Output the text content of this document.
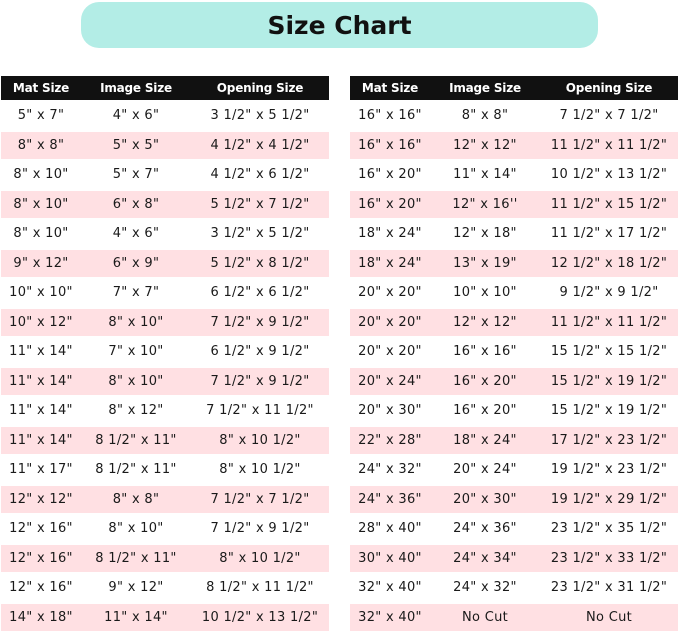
Size Chart
Mat Size	Image Size	Opening Size
5" x 7"	4" x 6"	3 1/2" x 5 1/2"
8" x 8"	5" x 5"	4 1/2" x 4 1/2"
8" x 10"	5" x 7"	4 1/2" x 6 1/2"
8" x 10"	6" x 8"	5 1/2" x 7 1/2"
8" x 10"	4" x 6"	3 1/2" x 5 1/2"
9" x 12"	6" x 9"	5 1/2" x 8 1/2"
10" x 10"	7" x 7"	6 1/2" x 6 1/2"
10" x 12"	8" x 10"	7 1/2" x 9 1/2"
11" x 14"	7" x 10"	6 1/2" x 9 1/2"
11" x 14"	8" x 10"	7 1/2" x 9 1/2"
11" x 14"	8" x 12"	7 1/2" x 11 1/2"
11" x 14"	8 1/2" x 11"	8" x 10 1/2"
11" x 17"	8 1/2" x 11"	8" x 10 1/2"
12" x 12"	8" x 8"	7 1/2" x 7 1/2"
12" x 16"	8" x 10"	7 1/2" x 9 1/2"
12" x 16"	8 1/2" x 11"	8" x 10 1/2"
12" x 16"	9" x 12"	8 1/2" x 11 1/2"
14" x 18"	11" x 14"	10 1/2" x 13 1/2"
Mat Size	Image Size	Opening Size
16" x 16"	8" x 8"	7 1/2" x 7 1/2"
16" x 16"	12" x 12"	11 1/2" x 11 1/2"
16" x 20"	11" x 14"	10 1/2" x 13 1/2"
16" x 20"	12" x 16''	11 1/2" x 15 1/2"
18" x 24"	12" x 18"	11 1/2" x 17 1/2"
18" x 24"	13" x 19"	12 1/2" x 18 1/2"
20" x 20"	10" x 10"	9 1/2" x 9 1/2"
20" x 20"	12" x 12"	11 1/2" x 11 1/2"
20" x 20"	16" x 16"	15 1/2" x 15 1/2"
20" x 24"	16" x 20"	15 1/2" x 19 1/2"
20" x 30"	16" x 20"	15 1/2" x 19 1/2"
22" x 28"	18" x 24"	17 1/2" x 23 1/2"
24" x 32"	20" x 24"	19 1/2" x 23 1/2"
24" x 36"	20" x 30"	19 1/2" x 29 1/2"
28" x 40"	24" x 36"	23 1/2" x 35 1/2"
30" x 40"	24" x 34"	23 1/2" x 33 1/2"
32" x 40"	24" x 32"	23 1/2" x 31 1/2"
32" x 40"	No Cut	No Cut
